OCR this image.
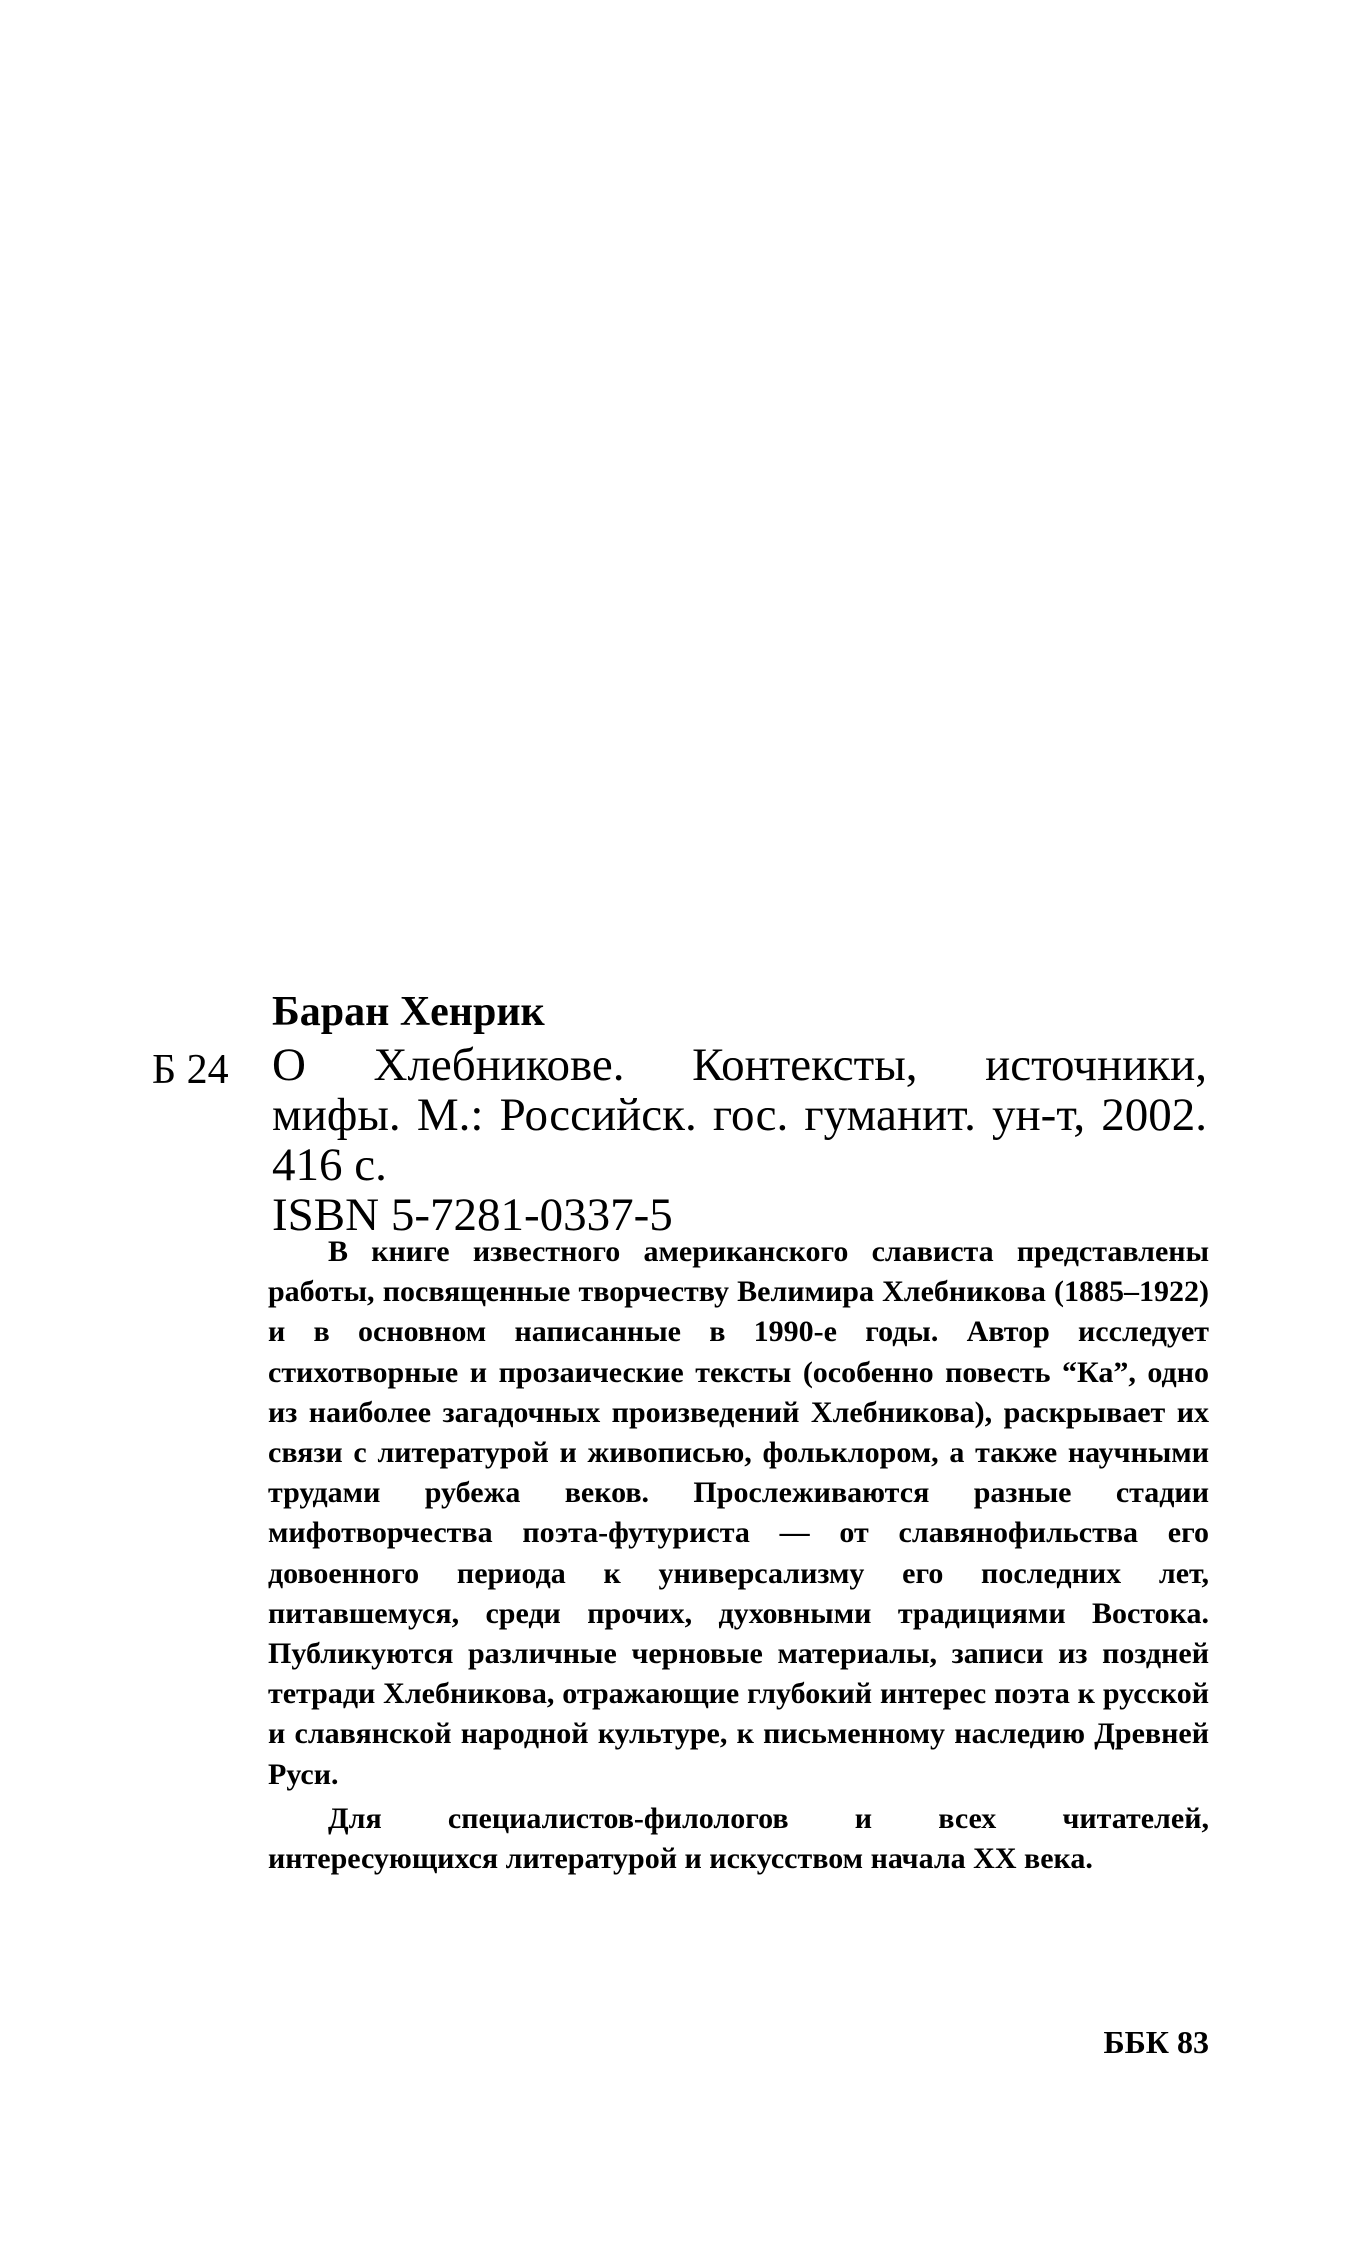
Баран Хенрик
Б 24 О Хлебникове. Контексты, источники,
мифы. М.: Российск. гос. гуманит. ун-т, 2002.
416 с.
ISBN 5-7281-0337-5

В книге известного американского слависта представлены работы, посвященные творчеству Велимира Хлебникова (1885–1922) и в основном написанные в 1990-е годы. Автор исследует стихотворные и прозаические тексты (особенно повесть “Ка”, одно из наиболее загадочных произведений Хлебникова), раскрывает их связи с литературой и живописью, фольклором, а также научными трудами рубежа веков. Прослеживаются разные стадии мифотворчества поэта-футуриста — от славянофильства его довоенного периода к универсализму его последних лет, питавшемуся, среди прочих, духовными традициями Востока. Публикуются различные черновые материалы, записи из поздней тетради Хлебникова, отражающие глубокий интерес поэта к русской и славянской народной культуре, к письменному наследию Древней Руси.

Для специалистов-филологов и всех читателей, интересующихся литературой и искусством начала XX века.

ББК 83
